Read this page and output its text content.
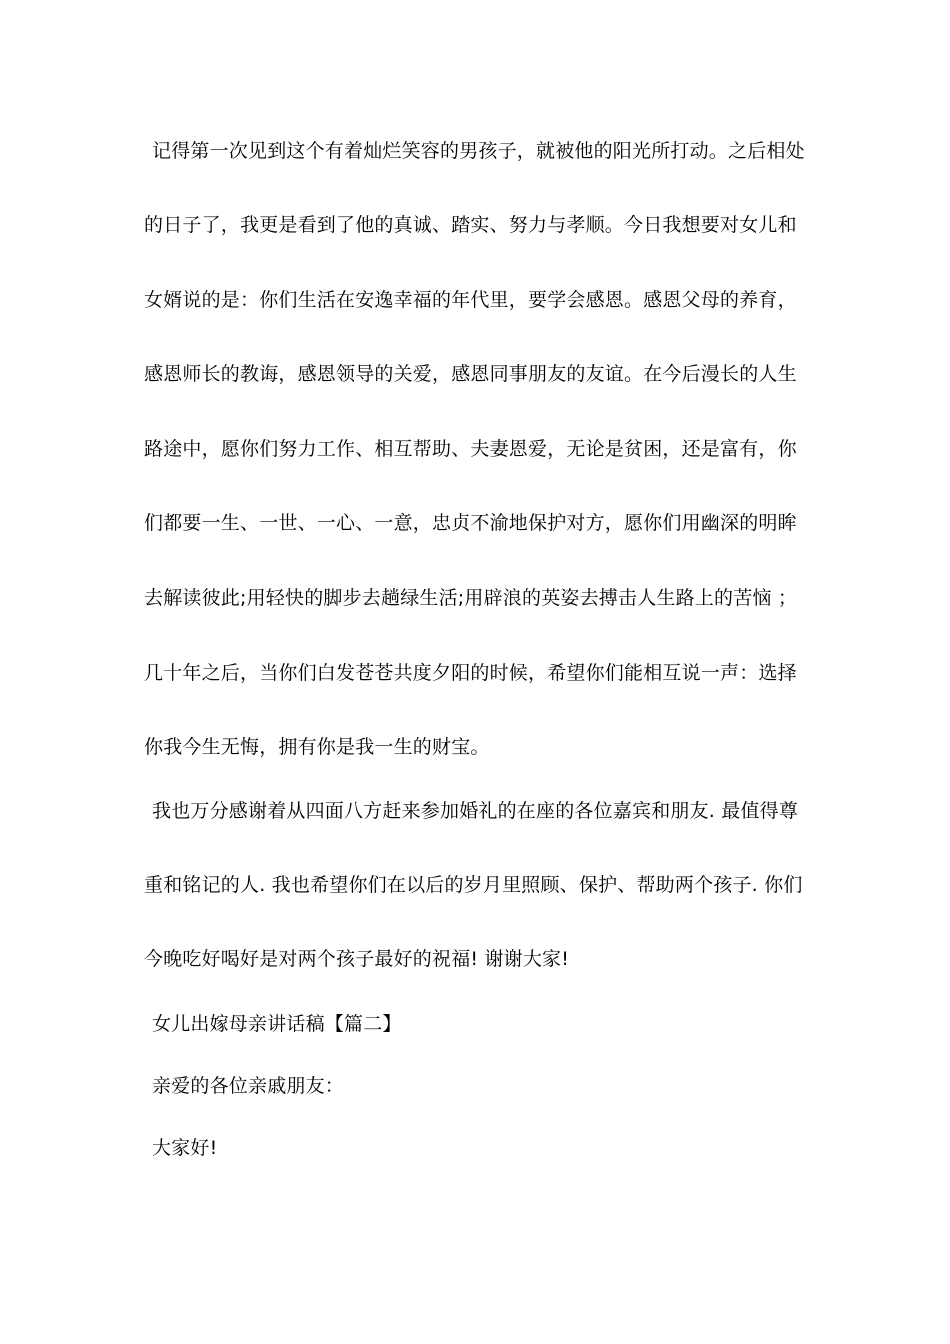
记得第一次见到这个有着灿烂笑容的男孩子，就被他的阳光所打动。之后相处
的日子了，我更是看到了他的真诚、踏实、努力与孝顺。今日我想要对女儿和
女婿说的是：你们生活在安逸幸福的年代里，要学会感恩。感恩父母的养育，
感恩师长的教诲，感恩领导的关爱，感恩同事朋友的友谊。在今后漫长的人生
路途中，愿你们努力工作、相互帮助、夫妻恩爱，无论是贫困，还是富有，你
们都要一生、一世、一心、一意，忠贞不渝地保护对方，愿你们用幽深的明眸
去解读彼此;用轻快的脚步去趟绿生活;用辟浪的英姿去搏击人生路上的苦恼 ；
几十年之后，当你们白发苍苍共度夕阳的时候，希望你们能相互说一声：选择
你我今生无悔，拥有你是我一生的财宝。
我也万分感谢着从四面八方赶来参加婚礼的在座的各位嘉宾和朋友. 最值得尊
重和铭记的人. 我也希望你们在以后的岁月里照顾、保护、帮助两个孩子. 你们
今晚吃好喝好是对两个孩子最好的祝福! 谢谢大家!
女儿出嫁母亲讲话稿【篇二】
亲爱的各位亲戚朋友：
大家好!
